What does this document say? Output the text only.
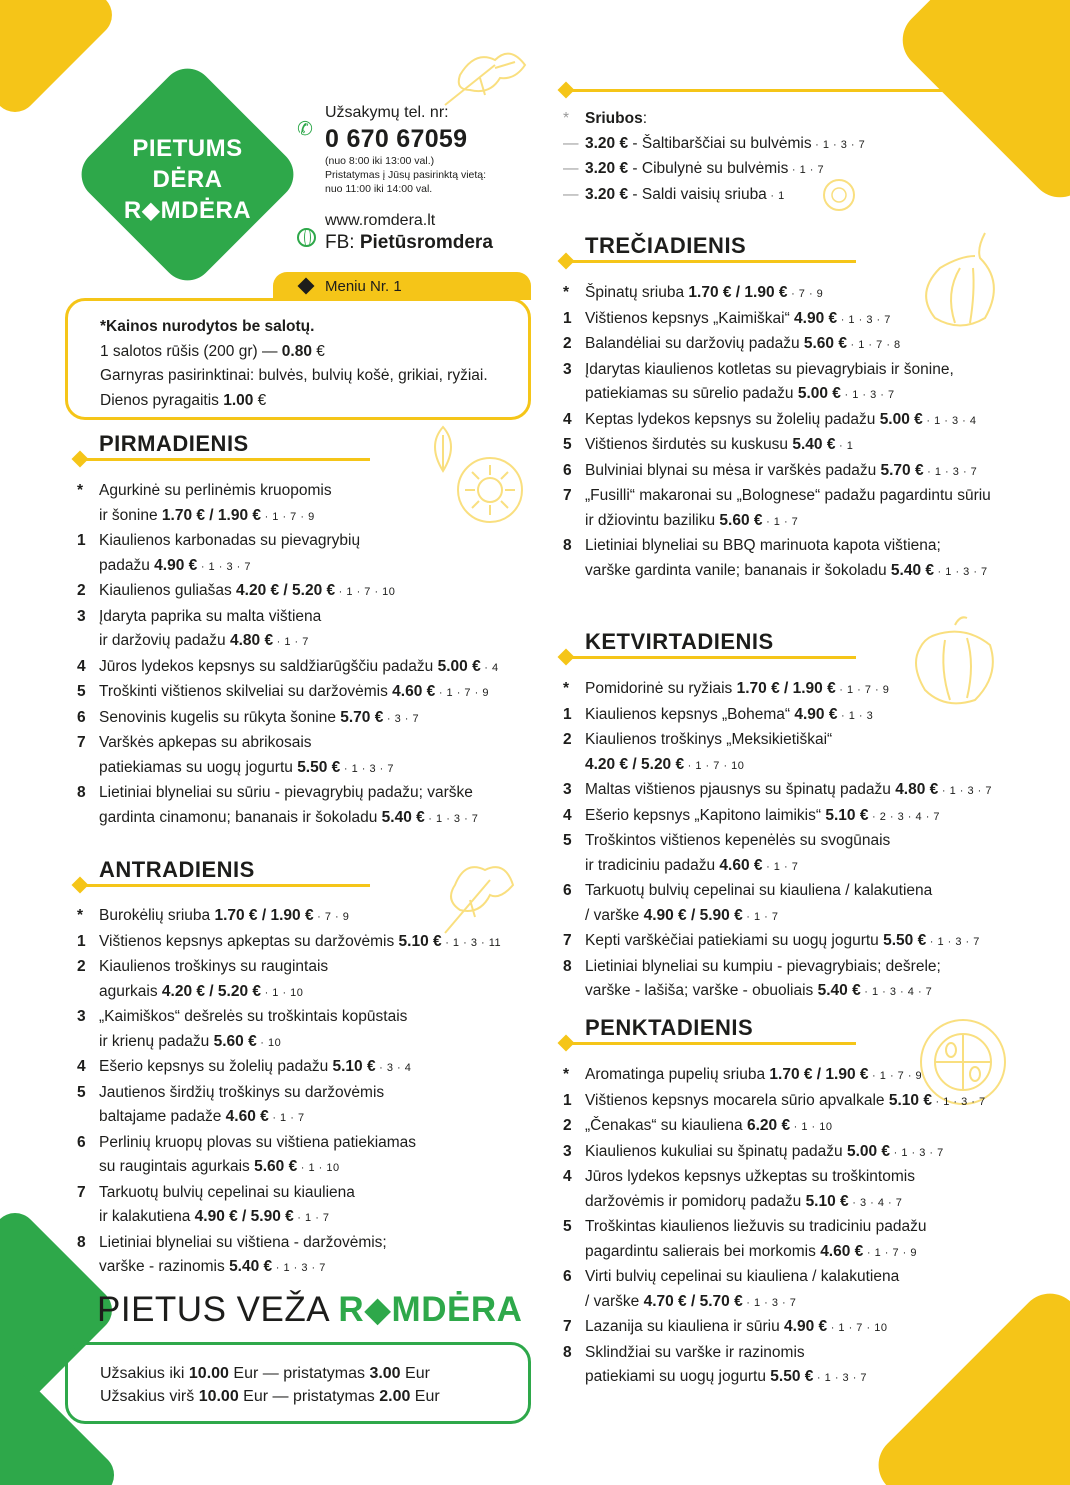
PIETUMS
DĖRA
R◆MDĖRA
✆
Užsakymų tel. nr:
0 670 67059
(nuo 8:00 iki 13:00 val.)
Pristatymas į Jūsų pasirinktą vietą:
nuo 11:00 iki 14:00 val.
www.romdera.lt
FB: Pietūsromdera
Meniu Nr. 1
*Kainos nurodytos be salotų.
1 salotos rūšis (200 gr) — 0.80 €
Garnyras pasirinktinai: bulvės, bulvių košė, grikiai, ryžiai.
Dienos pyragaitis 1.00 €
PIRMADIENIS
ANTRADIENIS
TREČIADIENIS
KETVIRTADIENIS
PENKTADIENIS
*	Agurkinė su perlinėmis kruopomis
ir šonine 1.70 € / 1.90 € · 1 · 7 · 9
1 Kiaulienos karbonadas su pievagrybių
padažu 4.90 € · 1 · 3 · 7
2 Kiaulienos guliašas 4.20 € / 5.20 € · 1 · 7 · 10
3 Įdaryta paprika su malta vištiena
ir daržovių padažu 4.80 € · 1 · 7
4 Jūros lydekos kepsnys su saldžiarūgščiu padažu 5.00 € · 4
5 Troškinti vištienos skilveliai su daržovėmis 4.60 € · 1 · 7 · 9
6 Senovinis kugelis su rūkyta šonine 5.70 € · 3 · 7
7 Varškės apkepas su abrikosais
patiekiamas su uogų jogurtu 5.50 € · 1 · 3 · 7
8 Lietiniai blyneliai su sūriu - pievagrybių padažu; varške
gardinta cinamonu; bananais ir šokoladu 5.40 € · 1 · 3 · 7
*	Burokėlių sriuba 1.70 € / 1.90 € · 7 · 9
1 Vištienos kepsnys apkeptas su daržovėmis 5.10 € · 1 · 3 · 11
2 Kiaulienos troškinys su raugintais
agurkais 4.20 € / 5.20 € · 1 · 10
3 „Kaimiškos“ dešrelės su troškintais kopūstais
ir krienų padažu 5.60 € · 10
4 Ešerio kepsnys su žolelių padažu 5.10 € · 3 · 4
5 Jautienos širdžių troškinys su daržovėmis
baltajame padaže 4.60 € · 1 · 7
6 Perlinių kruopų plovas su vištiena patiekiamas
su raugintais agurkais 5.60 € · 1 · 10
7 Tarkuotų bulvių cepelinai su kiauliena
ir kalakutiena 4.90 € / 5.90 € · 1 · 7
8 Lietiniai blyneliai su vištiena - daržovėmis;
varške - razinomis 5.40 € · 1 · 3 · 7
*	Sriubos:
— 3.20 € - Šaltibarščiai su bulvėmis · 1 · 3 · 7
— 3.20 € - Cibulynė su bulvėmis · 1 · 7
— 3.20 € - Saldi vaisių sriuba · 1
*	Špinatų sriuba 1.70 € / 1.90 € · 7 · 9
1 Vištienos kepsnys „Kaimiškai“ 4.90 € · 1 · 3 · 7
2 Balandėliai su daržovių padažu 5.60 € · 1 · 7 · 8
3 Įdarytas kiaulienos kotletas su pievagrybiais ir šonine,
patiekiamas su sūrelio padažu 5.00 € · 1 · 3 · 7
4 Keptas lydekos kepsnys su žolelių padažu 5.00 € · 1 · 3 · 4
5 Vištienos širdutės su kuskusu 5.40 € · 1
6 Bulviniai blynai su mėsa ir varškės padažu 5.70 € · 1 · 3 · 7
7 „Fusilli“ makaronai su „Bolognese“ padažu pagardintu sūriu
ir džiovintu baziliku 5.60 € · 1 · 7
8 Lietiniai blyneliai su BBQ marinuota kapota vištiena;
varške gardinta vanile; bananais ir šokoladu 5.40 € · 1 · 3 · 7
*	Pomidorinė su ryžiais 1.70 € / 1.90 € · 1 · 7 · 9
1 Kiaulienos kepsnys „Bohema“ 4.90 € · 1 · 3
2 Kiaulienos troškinys „Meksikietiškai“
4.20 € / 5.20 € · 1 · 7 · 10
3 Maltas vištienos pjausnys su špinatų padažu 4.80 € · 1 · 3 · 7
4 Ešerio kepsnys „Kapitono laimikis“ 5.10 € · 2 · 3 · 4 · 7
5 Troškintos vištienos kepenėlės su svogūnais
ir tradiciniu padažu 4.60 € · 1 · 7
6 Tarkuotų bulvių cepelinai su kiauliena / kalakutiena
/ varške 4.90 € / 5.90 € · 1 · 7
7 Kepti varškėčiai patiekiami su uogų jogurtu 5.50 € · 1 · 3 · 7
8 Lietiniai blyneliai su kumpiu - pievagrybiais; dešrele;
varške - lašiša; varške - obuoliais 5.40 € · 1 · 3 · 4 · 7
*	Aromatinga pupelių sriuba 1.70 € / 1.90 € · 1 · 7 · 9
1 Vištienos kepsnys mocarela sūrio apvalkale 5.10 € · 1 · 3 · 7
2 „Čenakas“ su kiauliena 6.20 € · 1 · 10
3 Kiaulienos kukuliai su špinatų padažu 5.00 € · 1 · 3 · 7
4 Jūros lydekos kepsnys užkeptas su troškintomis
daržovėmis ir pomidorų padažu 5.10 € · 3 · 4 · 7
5 Troškintas kiaulienos liežuvis su tradiciniu padažu
pagardintu salierais bei morkomis 4.60 € · 1 · 7 · 9
6 Virti bulvių cepelinai su kiauliena / kalakutiena
/ varške 4.70 € / 5.70 € · 1 · 3 · 7
7 Lazanija su kiauliena ir sūriu 4.90 € · 1 · 7 · 10
8 Sklindžiai su varške ir razinomis
patiekiami su uogų jogurtu 5.50 € · 1 · 3 · 7
PIETUS VEŽA R◆MDĖRA
Užsakius iki 10.00 Eur — pristatymas 3.00 Eur
Užsakius virš 10.00 Eur — pristatymas 2.00 Eur
